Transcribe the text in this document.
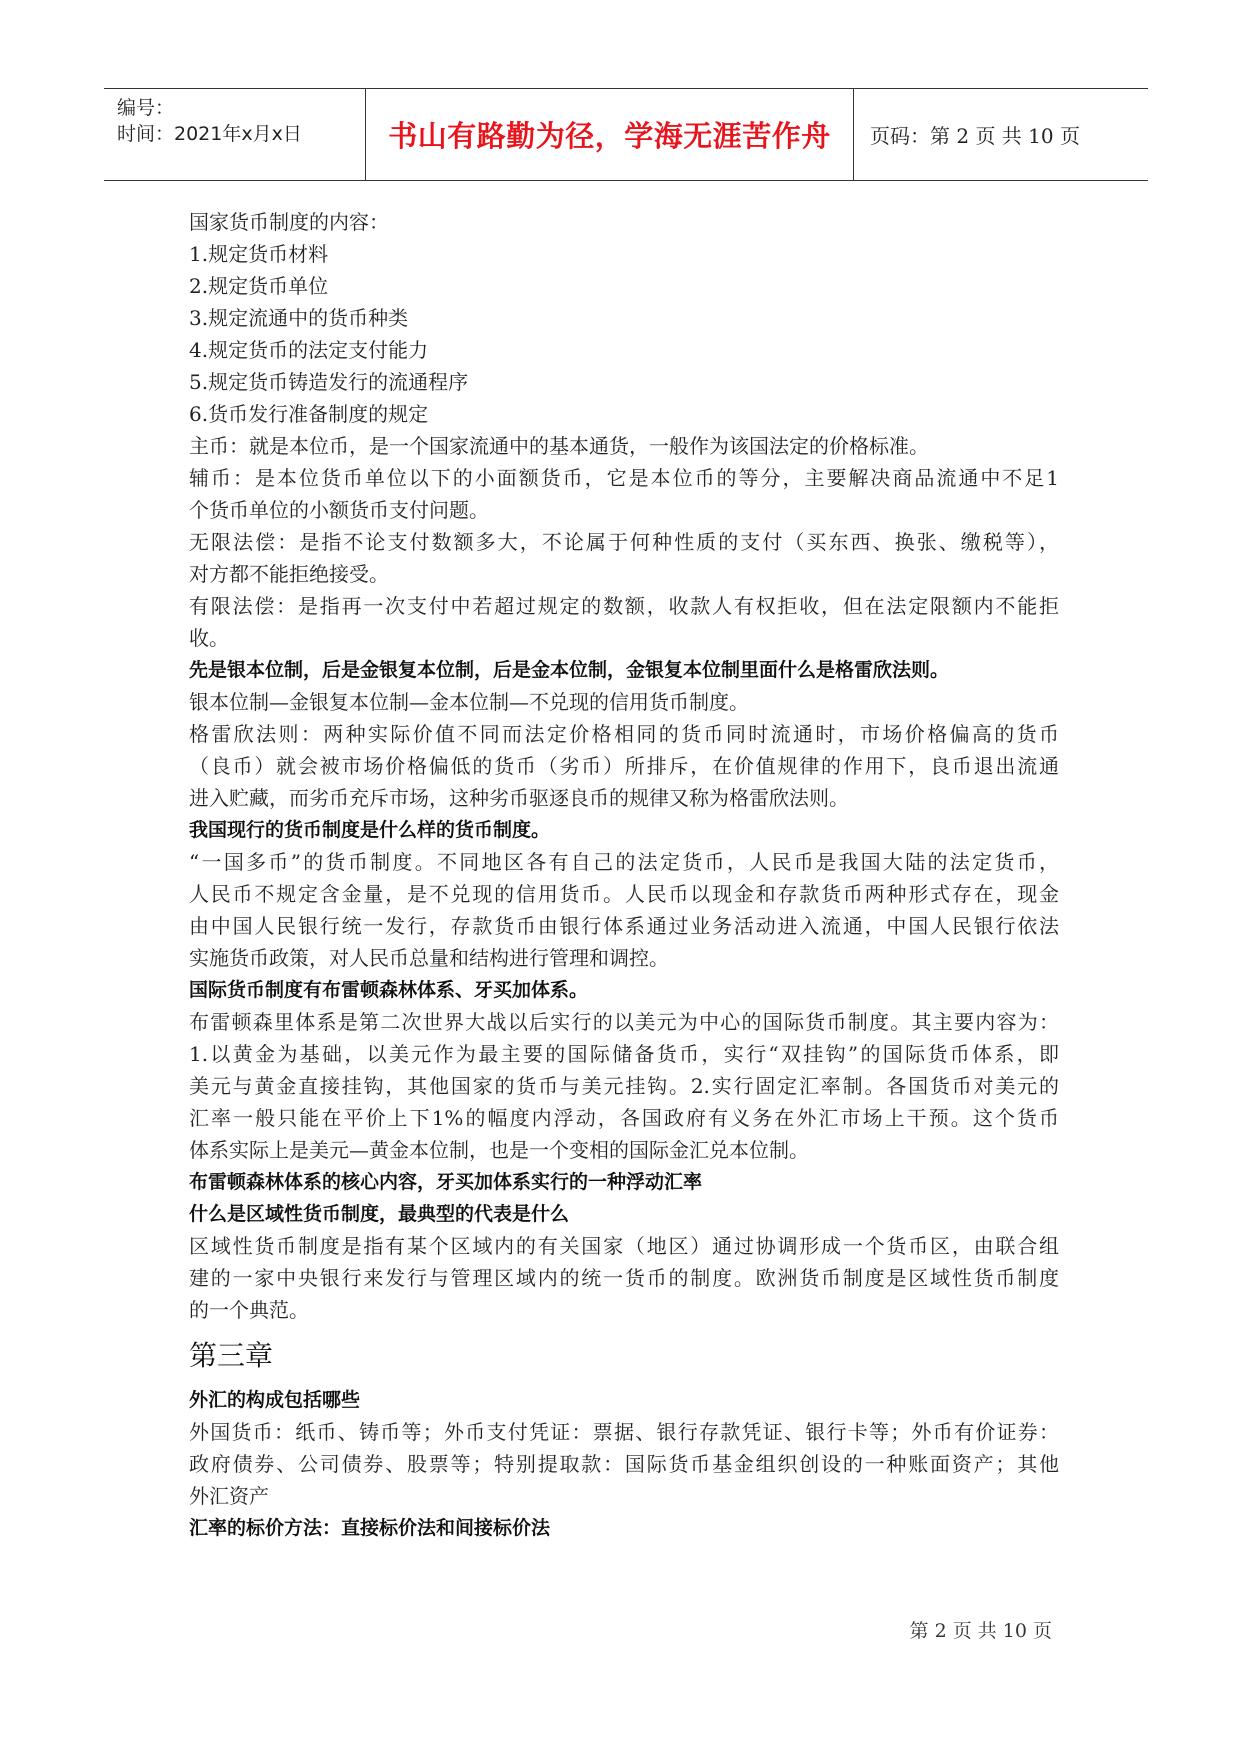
编号：
时间：2021年x月x日	书山有路勤为径，学海无涯苦作舟 页码：第 2 页 共 10 页
国家货币制度的内容：
1.规定货币材料
2.规定货币单位
3.规定流通中的货币种类
4.规定货币的法定支付能力
5.规定货币铸造发行的流通程序
6.货币发行准备制度的规定
主币：就是本位币，是一个国家流通中的基本通货，一般作为该国法定的价格标准。
辅币：是本位货币单位以下的小面额货币，它是本位币的等分，主要解决商品流通中不足1
个货币单位的小额货币支付问题。
无限法偿：是指不论支付数额多大，不论属于何种性质的支付（买东西、换张、缴税等），
对方都不能拒绝接受。
有限法偿：是指再一次支付中若超过规定的数额，收款人有权拒收，但在法定限额内不能拒
收。
先是银本位制，后是金银复本位制，后是金本位制，金银复本位制里面什么是格雷欣法则。
银本位制—金银复本位制—金本位制—不兑现的信用货币制度。
格雷欣法则：两种实际价值不同而法定价格相同的货币同时流通时，市场价格偏高的货币
（良币）就会被市场价格偏低的货币（劣币）所排斥，在价值规律的作用下，良币退出流通
进入贮藏，而劣币充斥市场，这种劣币驱逐良币的规律又称为格雷欣法则。
我国现行的货币制度是什么样的货币制度。
“一国多币”的货币制度。不同地区各有自己的法定货币，人民币是我国大陆的法定货币，
人民币不规定含金量，是不兑现的信用货币。人民币以现金和存款货币两种形式存在，现金
由中国人民银行统一发行，存款货币由银行体系通过业务活动进入流通，中国人民银行依法
实施货币政策，对人民币总量和结构进行管理和调控。
国际货币制度有布雷顿森林体系、牙买加体系。
布雷顿森里体系是第二次世界大战以后实行的以美元为中心的国际货币制度。其主要内容为：
1.以黄金为基础，以美元作为最主要的国际储备货币，实行“双挂钩”的国际货币体系，即
美元与黄金直接挂钩，其他国家的货币与美元挂钩。2.实行固定汇率制。各国货币对美元的
汇率一般只能在平价上下1%的幅度内浮动，各国政府有义务在外汇市场上干预。这个货币
体系实际上是美元—黄金本位制，也是一个变相的国际金汇兑本位制。
布雷顿森林体系的核心内容，牙买加体系实行的一种浮动汇率
什么是区域性货币制度，最典型的代表是什么
区域性货币制度是指有某个区域内的有关国家（地区）通过协调形成一个货币区，由联合组
建的一家中央银行来发行与管理区域内的统一货币的制度。欧洲货币制度是区域性货币制度
的一个典范。
第三章
外汇的构成包括哪些
外国货币：纸币、铸币等；外币支付凭证：票据、银行存款凭证、银行卡等；外币有价证券：
政府债券、公司债券、股票等；特别提取款：国际货币基金组织创设的一种账面资产；其他
外汇资产
汇率的标价方法：直接标价法和间接标价法
第 2 页 共 10 页
